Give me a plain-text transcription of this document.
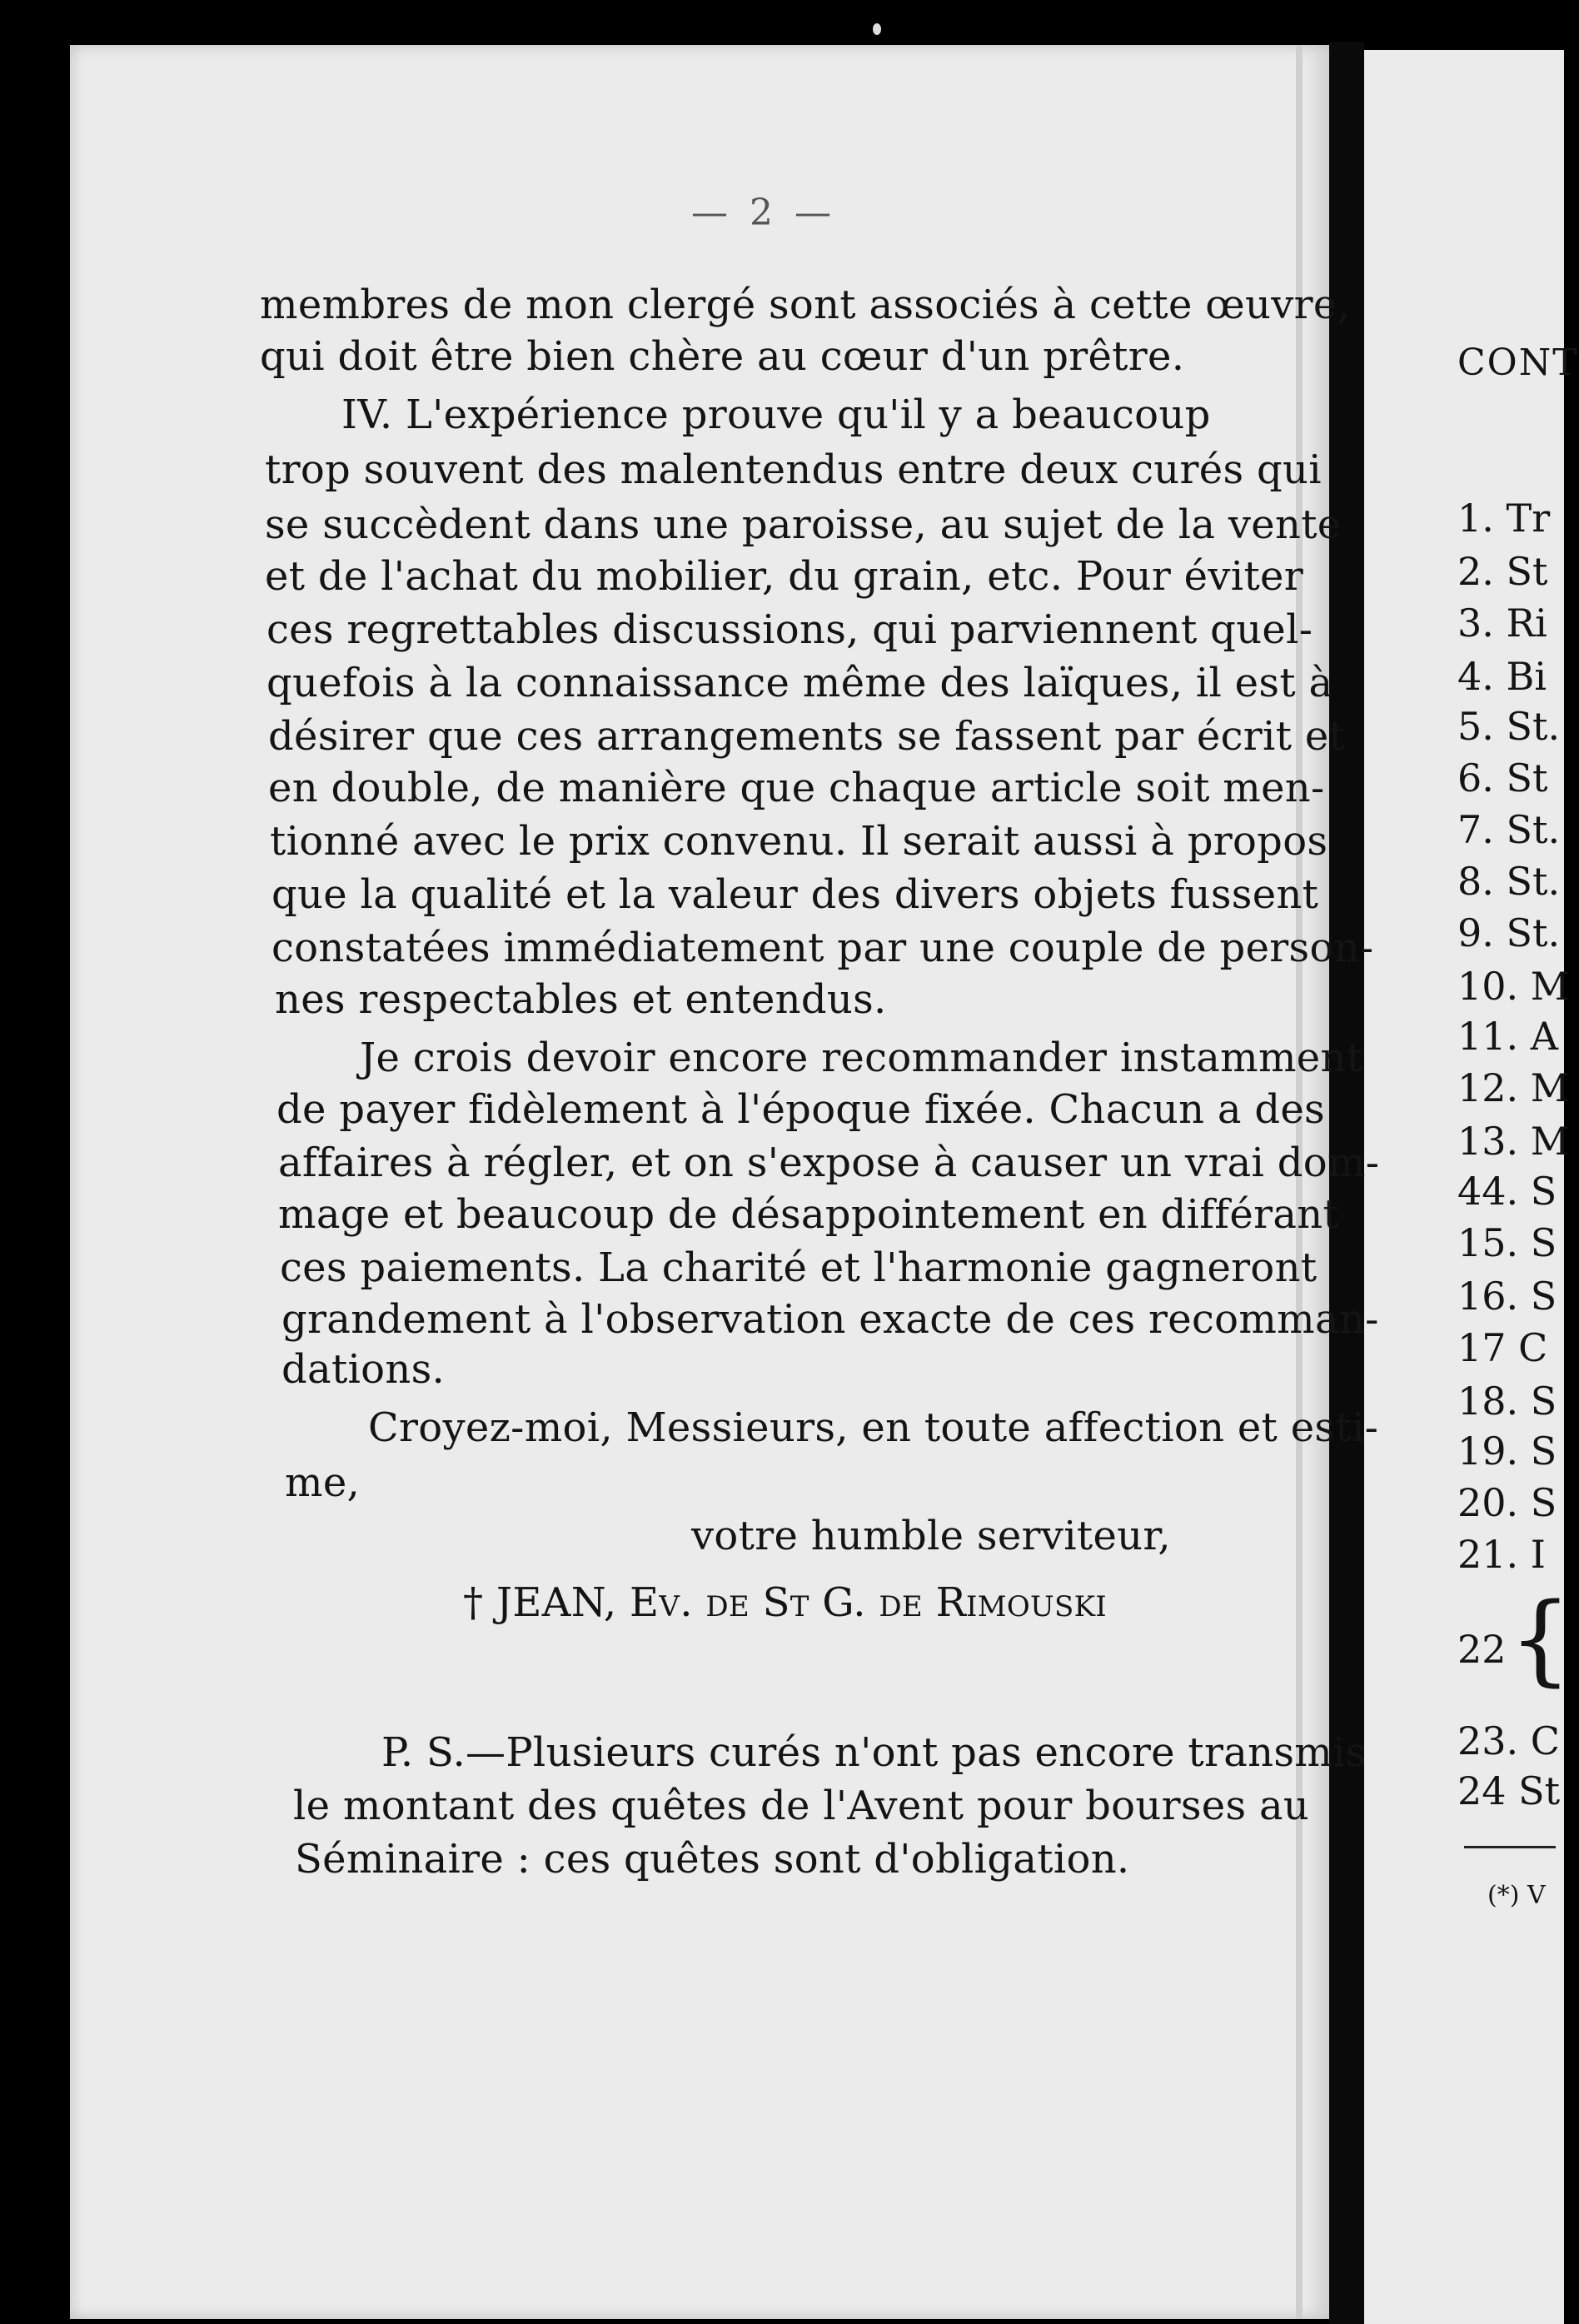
— 2 —
membres de mon clergé sont associés à cette œuvre,
qui doit être bien chère au cœur d'un prêtre.
IV. L'expérience prouve qu'il y a beaucoup
trop souvent des malentendus entre deux curés qui
se succèdent dans une paroisse, au sujet de la vente
et de l'achat du mobilier, du grain, etc. Pour éviter
ces regrettables discussions, qui parviennent quel-
quefois à la connaissance même des laïques, il est à
désirer que ces arrangements se fassent par écrit et
en double, de manière que chaque article soit men-
tionné avec le prix convenu. Il serait aussi à propos
que la qualité et la valeur des divers objets fussent
constatées immédiatement par une couple de person-
nes respectables et entendus.
Je crois devoir encore recommander instamment
de payer fidèlement à l'époque fixée. Chacun a des
affaires à régler, et on s'expose à causer un vrai dom-
mage et beaucoup de désappointement en différant
ces paiements. La charité et l'harmonie gagneront
grandement à l'observation exacte de ces recomman-
dations.
Croyez-moi, Messieurs, en toute affection et esti-
me,
votre humble serviteur,
† JEAN, Ev. de St G. de Rimouski
P. S.—Plusieurs curés n'ont pas encore transmis
le montant des quêtes de l'Avent pour bourses au
Séminaire : ces quêtes sont d'obligation.
CONT
1. Tr
2. St
3. Ri
4. Bi
5. St.
6. St
7. St.
8. St.
9. St.
10. M
11. A
12. M
13. M
44. S
15. S
16. S
17 C
18. S
19. S
20. S
21. I
22 {
23. C
24 St
(*) V
